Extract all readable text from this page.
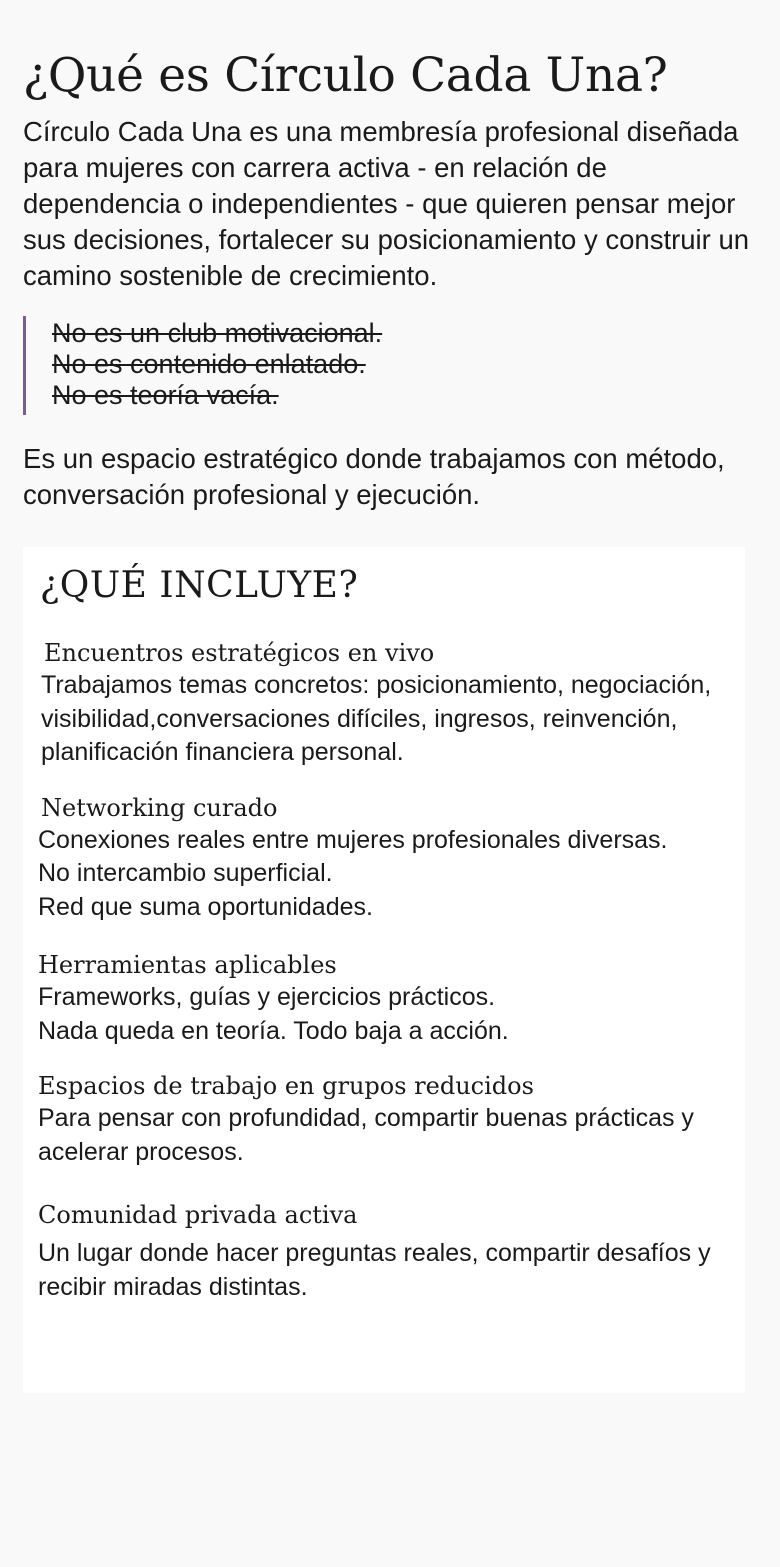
¿Qué es Círculo Cada Una?

Círculo Cada Una es una membresía profesional diseñada para mujeres con carrera activa - en relación de dependencia o independientes - que quieren pensar mejor sus decisiones, fortalecer su posicionamiento y construir un camino sostenible de crecimiento.

No es un club motivacional.
No es contenido enlatado.
No es teoría vacía.

Es un espacio estratégico donde trabajamos con método, conversación profesional y ejecución.

¿QUÉ INCLUYE?
Encuentros estratégicos en vivo

Trabajamos temas concretos: posicionamiento, negociación, visibilidad,conversaciones difíciles, ingresos, reinvención, planificación financiera personal.

Networking curado

Conexiones reales entre mujeres profesionales diversas.
No intercambio superficial.
Red que suma oportunidades.

Herramientas aplicables

Frameworks, guías y ejercicios prácticos.
Nada queda en teoría. Todo baja a acción.

Espacios de trabajo en grupos reducidos

Para pensar con profundidad, compartir buenas prácticas y acelerar procesos.

Comunidad privada activa

Un lugar donde hacer preguntas reales, compartir desafíos y recibir miradas distintas.
